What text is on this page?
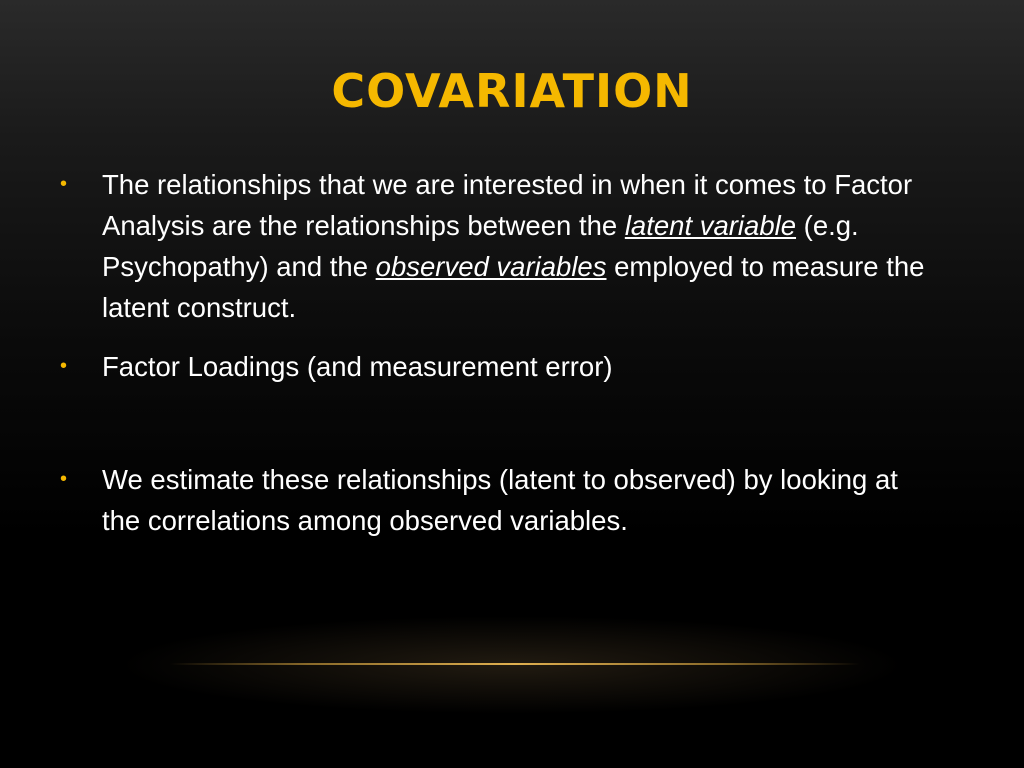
COVARIATION
•	The relationships that we are interested in when it comes to Factor Analysis are the relationships between the latent variable (e.g. Psychopathy) and the observed variables employed to measure the latent construct.
•	Factor Loadings (and measurement error)
•	We estimate these relationships (latent to observed) by looking at the correlations among observed variables.
